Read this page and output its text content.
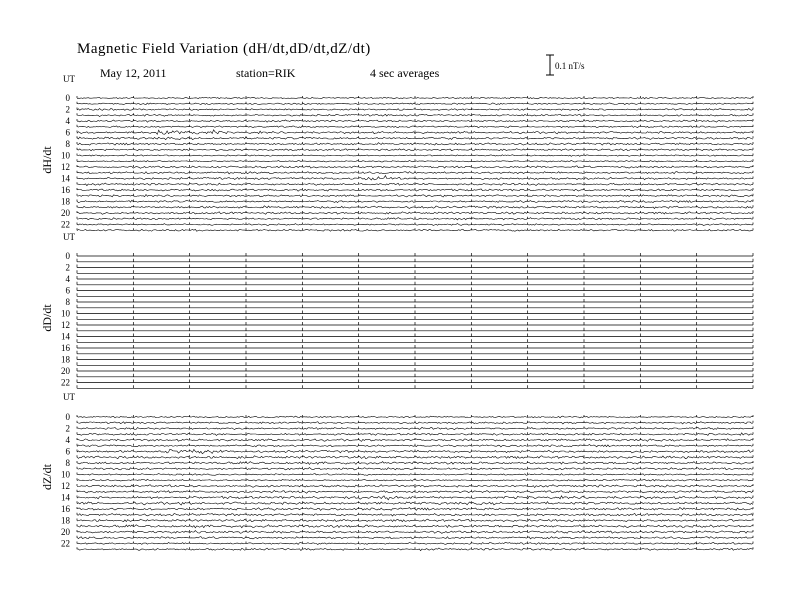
Magnetic Field Variation (dH/dt,dD/dt,dZ/dt)
May 12, 2011	station=RIK	4 sec averages	0.1 nT/s
UT
dH/dt
0
2
4
6
8
10
12
14
16
18
20
22
UT
dD/dt
0
2
4
6
8
10
12
14
16
18
20
22
UT
dZ/dt
0
2
4
6
8
10
12
14
16
18
20
22
